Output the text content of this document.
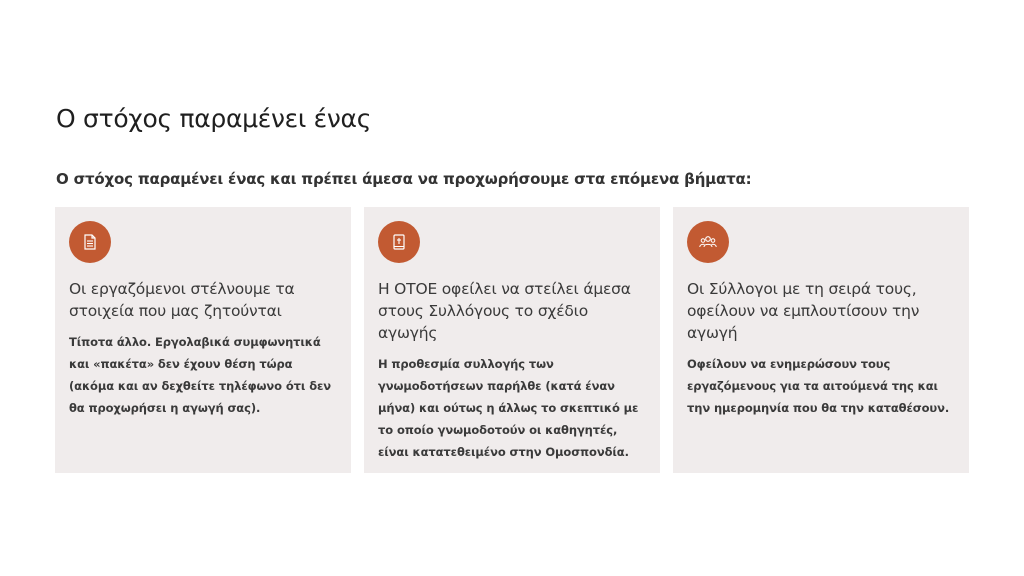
Ο στόχος παραμένει ένας

Ο στόχος παραμένει ένας και πρέπει άμεσα να προχωρήσουμε στα επόμενα βήματα:

Οι εργαζόμενοι στέλνουμε τα στοιχεία που μας ζητούνται

Τίποτα άλλο. Εργολαβικά συμφωνητικά και «πακέτα» δεν έχουν θέση τώρα (ακόμα και αν δεχθείτε τηλέφωνο ότι δεν θα προχωρήσει η αγωγή σας).

Η ΟΤΟΕ οφείλει να στείλει άμεσα στους Συλλόγους το σχέδιο αγωγής

Η προθεσμία συλλογής των γνωμοδοτήσεων παρήλθε (κατά έναν μήνα) και ούτως η άλλως το σκεπτικό με το οποίο γνωμοδοτούν οι καθηγητές, είναι κατατεθειμένο στην Ομοσπονδία.

Οι Σύλλογοι με τη σειρά τους, οφείλουν να εμπλουτίσουν την αγωγή

Οφείλουν να ενημερώσουν τους εργαζόμενους για τα αιτούμενά της και την ημερομηνία που θα την καταθέσουν.
